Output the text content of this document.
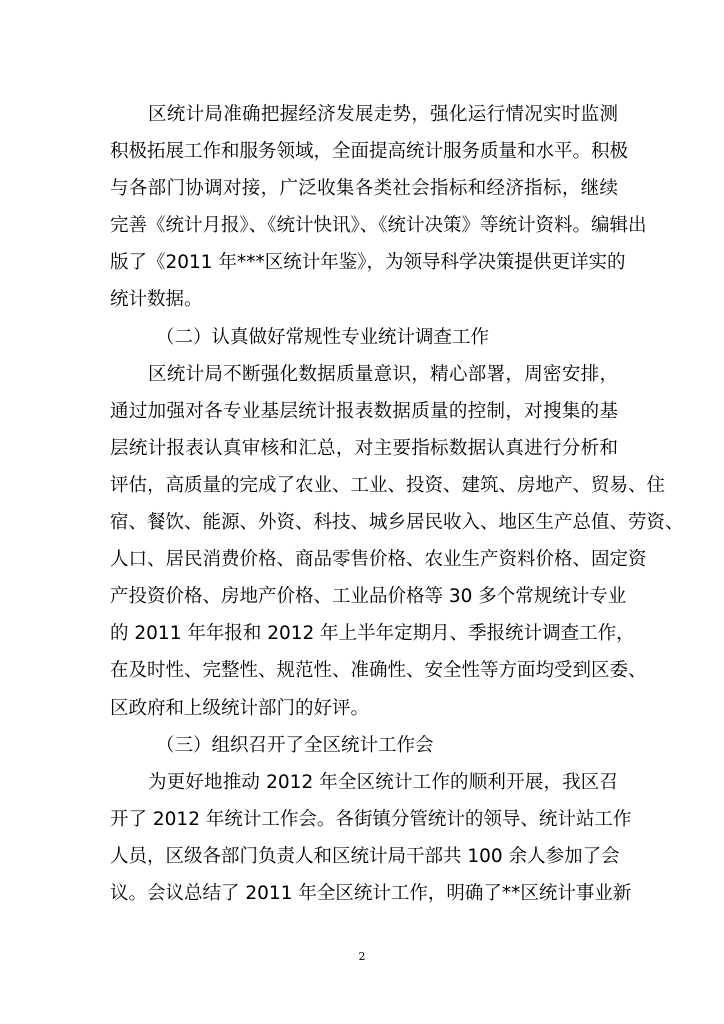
区统计局准确把握经济发展走势，强化运行情况实时监测
积极拓展工作和服务领域，全面提高统计服务质量和水平。积极
与各部门协调对接，广泛收集各类社会指标和经济指标，继续
完善《统计月报》、《统计快讯》、《统计决策》等统计资料。编辑出
版了《2011 年***区统计年鉴》，为领导科学决策提供更详实的
统计数据。
（二）认真做好常规性专业统计调查工作
区统计局不断强化数据质量意识，精心部署，周密安排，
通过加强对各专业基层统计报表数据质量的控制，对搜集的基
层统计报表认真审核和汇总，对主要指标数据认真进行分析和
评估，高质量的完成了农业、工业、投资、建筑、房地产、贸易、住
宿、餐饮、能源、外资、科技、城乡居民收入、地区生产总值、劳资、
人口、居民消费价格、商品零售价格、农业生产资料价格、固定资
产投资价格、房地产价格、工业品价格等 30 多个常规统计专业
的 2011 年年报和 2012 年上半年定期月、季报统计调查工作，
在及时性、完整性、规范性、准确性、安全性等方面均受到区委、
区政府和上级统计部门的好评。
（三）组织召开了全区统计工作会
为更好地推动 2012 年全区统计工作的顺利开展，我区召
开了 2012 年统计工作会。各街镇分管统计的领导、统计站工作
人员，区级各部门负责人和区统计局干部共 100 余人参加了会
议。会议总结了 2011 年全区统计工作，明确了**区统计事业新
2
